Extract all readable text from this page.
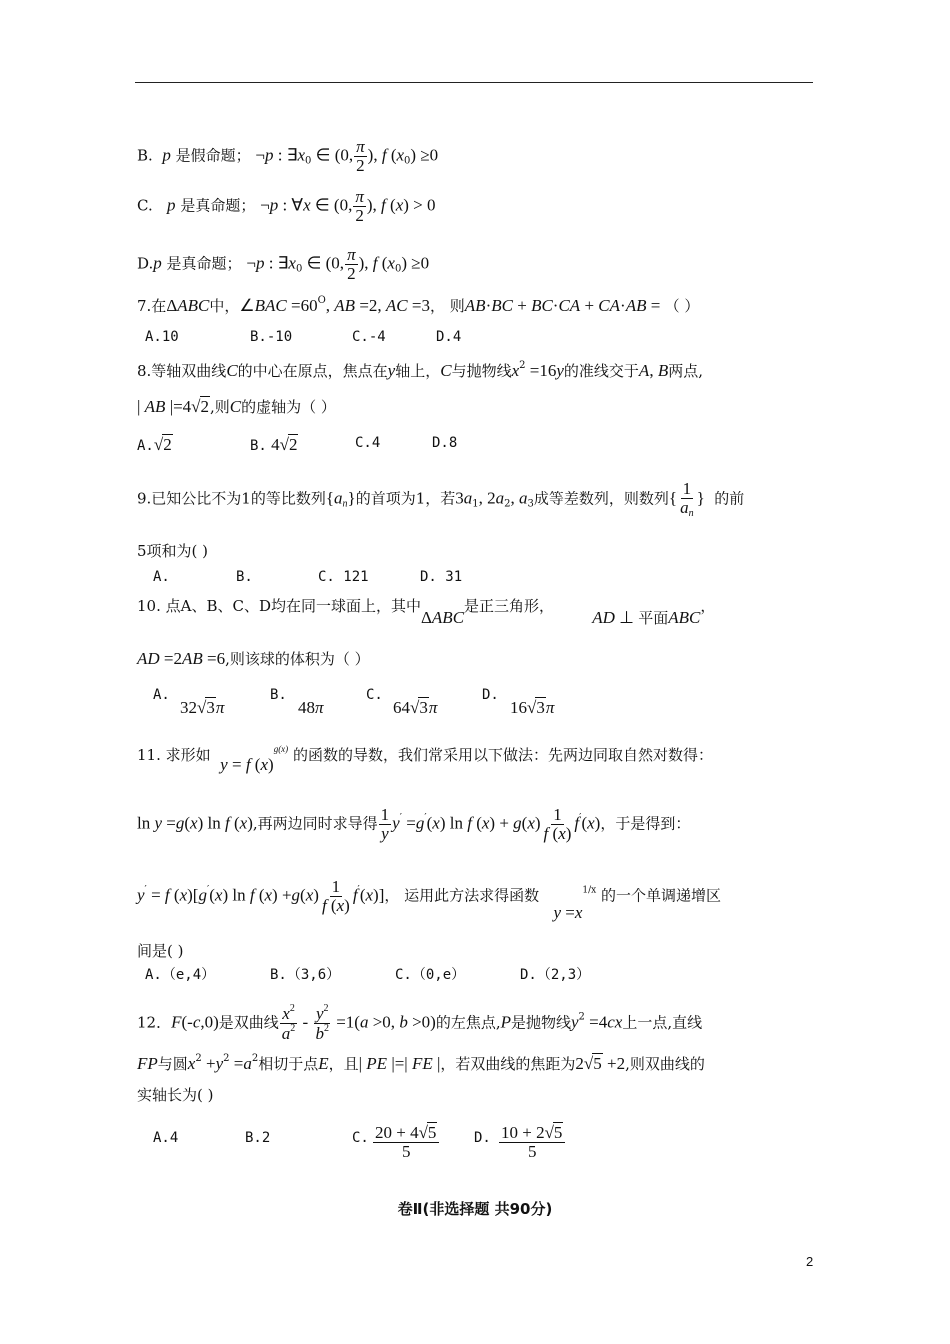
B. p 是假命题； ¬p : $\exists x_0$ ∈ (0, $\frac{\pi}{2}$ ), f $(x_0) \ge 0$
C. p 是真命题； ¬p : ∀x ∈ (0, $\frac{\pi}{2}$ ), f (x) > 0
D.p 是真命题； ¬p : $\exists x_0$ ∈ (0, $\frac{\pi}{2}$ ), f $(x_0) \ge 0$
7.在ΔABC中，∠BAC $=60^O$, AB =2, AC =3， 则AB·BC + BC·CA + CA·AB = （ ）
A.10	B.-10	C.-4	D.4
8.等轴双曲线C的中心在原点，焦点在y轴上，C与抛物线$x^2 =16y$的准线交于A, B两点,
| AB |=4√2,则C的虚轴为（ ）
A.√2	B. 4√2	C.4	D.8
9.已知公比不为1的等比数列$\{a_n\}$的首项为1，若$3a_1$, $2a_2$, $a_3$成等差数列，则数列{ $\frac{1}{a_n}$ } 的前
5项和为( )
A.	B.	C. 121	D. 31
10. 点A、B、C、D均在同一球面上，其中ΔABC是正三角形，        AD ⊥ 平面ABC，
AD =2AB =6,则该球的体积为（ ）
A.
32√3π
B.
48π
C.
64√3π
D.
16√3π
11. 求形如 y = f $(x)^{g(x)}$ 的函数的导数，我们常采用以下做法：先两边同取自然对数得：
ln y =g(x) ln f (x),再两边同时求导得 $\frac{1}{y} y' =g'(x)$ ln f $(x) + g(x) \frac{1}{f (x)} f'(x)$，于是得到：
y′ = f (x)[g′(x) ln f $(x) +g(x) \frac{1}{f (x)} f'(x)$]， 运用此方法求得函数   $y =x^{1/x}$ 的一个单调递增区
间是( )
A.（e,4）	B.（3,6）	C.（0,e）	D.（2,3）
12．F(-c,0)是双曲线 $\frac{x^2}{a^2} - \frac{y^2}{b^2} =1(a >0$, b >0)的左焦点,P是抛物线$y^2 =4cx$上一点,直线
FP与圆$x^2 +y^2 =a^2$相切于点E，且| PE |=| FE |，若双曲线的焦距为2√5 +2,则双曲线的
实轴长为( )
A.4	B.2	C. $\frac{20 + 4√5}{5} D$. $\frac{10 + 2√5}{5}$
卷Ⅱ(非选择题 共90分)
2
